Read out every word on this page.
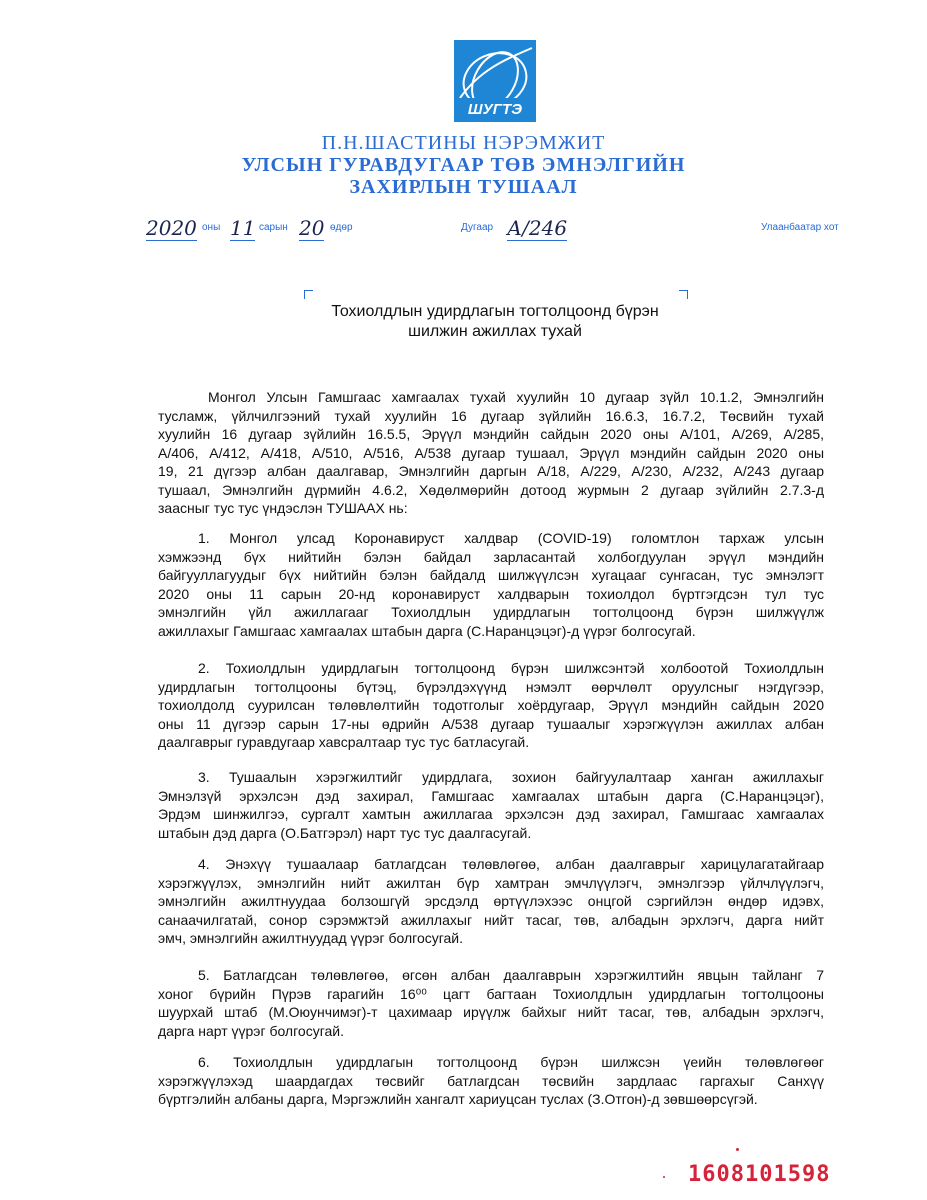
ШУГТЭ
П.Н.ШАСТИНЫ НЭРЭМЖИТ
УЛСЫН ГУРАВДУГААР ТӨВ ЭМНЭЛГИЙН
ЗАХИРЛЫН ТУШААЛ
2020 оны 11 сарын 20 өдөр	Дугаар А/246	Улаанбаатар хот
Тохиолдлын удирдлагын тогтолцоонд бүрэн
шилжин ажиллах тухай
Монгол Улсын Гамшгаас хамгаалах тухай хуулийн 10 дугаар зүйл 10.1.2, Эмнэлгийн
тусламж, үйлчилгээний тухай хуулийн 16 дугаар зүйлийн 16.6.3, 16.7.2, Төсвийн тухай
хуулийн 16 дугаар зүйлийн 16.5.5, Эрүүл мэндийн сайдын 2020 оны А/101, А/269, А/285,
А/406, А/412, А/418, А/510, А/516, А/538 дугаар тушаал, Эрүүл мэндийн сайдын 2020 оны
19, 21 дүгээр албан даалгавар, Эмнэлгийн даргын А/18, А/229, А/230, А/232, А/243 дугаар
тушаал, Эмнэлгийн дүрмийн 4.6.2, Хөдөлмөрийн дотоод журмын 2 дугаар зүйлийн 2.7.3-д
заасныг тус тус үндэслэн ТУШААХ нь:
1. Монгол улсад Коронавируст халдвар (COVID-19) голомтлон тархаж улсын
хэмжээнд бүх нийтийн бэлэн байдал зарласантай холбогдуулан эрүүл мэндийн
байгууллагуудыг бүх нийтийн бэлэн байдалд шилжүүлсэн хугацааг сунгасан, тус эмнэлэгт
2020 оны 11 сарын 20-нд коронавируст халдварын тохиолдол бүртгэгдсэн тул тус
эмнэлгийн үйл ажиллагааг Тохиолдлын удирдлагын тогтолцоонд бүрэн шилжүүлж
ажиллахыг Гамшгаас хамгаалах штабын дарга (С.Наранцэцэг)-д үүрэг болгосугай.
2. Тохиолдлын удирдлагын тогтолцоонд бүрэн шилжсэнтэй холбоотой Тохиолдлын
удирдлагын тогтолцооны бүтэц, бүрэлдэхүүнд нэмэлт өөрчлөлт оруулсныг нэгдүгээр,
тохиолдолд суурилсан төлөвлөлтийн тодотголыг хоёрдугаар, Эрүүл мэндийн сайдын 2020
оны 11 дүгээр сарын 17-ны өдрийн А/538 дугаар тушаалыг хэрэгжүүлэн ажиллах албан
даалгаврыг гуравдугаар хавсралтаар тус тус батласугай.
3. Тушаалын хэрэгжилтийг удирдлага, зохион байгуулалтаар ханган ажиллахыг
Эмнэлзүй эрхэлсэн дэд захирал, Гамшгаас хамгаалах штабын дарга (С.Наранцэцэг),
Эрдэм шинжилгээ, сургалт хамтын ажиллагаа эрхэлсэн дэд захирал, Гамшгаас хамгаалах
штабын дэд дарга (О.Батгэрэл) нарт тус тус даалгасугай.
4. Энэхүү тушаалаар батлагдсан төлөвлөгөө, албан даалгаврыг харицулагатайгаар
хэрэгжүүлэх, эмнэлгийн нийт ажилтан бүр хамтран эмчлүүлэгч, эмнэлгээр үйлчлүүлэгч,
эмнэлгийн ажилтнуудаа болзошгүй эрсдэлд өртүүлэхээс онцгой сэргийлэн өндөр идэвх,
санаачилгатай, сонор сэрэмжтэй ажиллахыг нийт тасаг, төв, албадын эрхлэгч, дарга нийт
эмч, эмнэлгийн ажилтнуудад үүрэг болгосугай.
5. Батлагдсан төлөвлөгөө, өгсөн албан даалгаврын хэрэгжилтийн явцын тайланг 7
хоног бүрийн Пүрэв гарагийн 16⁰⁰ цагт багтаан Тохиолдлын удирдлагын тогтолцооны
шуурхай штаб (М.Оюунчимэг)-т цахимаар ирүүлж байхыг нийт тасаг, төв, албадын эрхлэгч,
дарга нарт үүрэг болгосугай.
6. Тохиолдлын удирдлагын тогтолцоонд бүрэн шилжсэн үеийн төлөвлөгөөг
хэрэгжүүлэхэд шаардагдах төсвийг батлагдсан төсвийн зардлаас гаргахыг Санхүү
бүртгэлийн албаны дарга, Мэргэжлийн хангалт хариуцсан туслах (З.Отгон)-д зөвшөөрсүгэй.
1608101598
